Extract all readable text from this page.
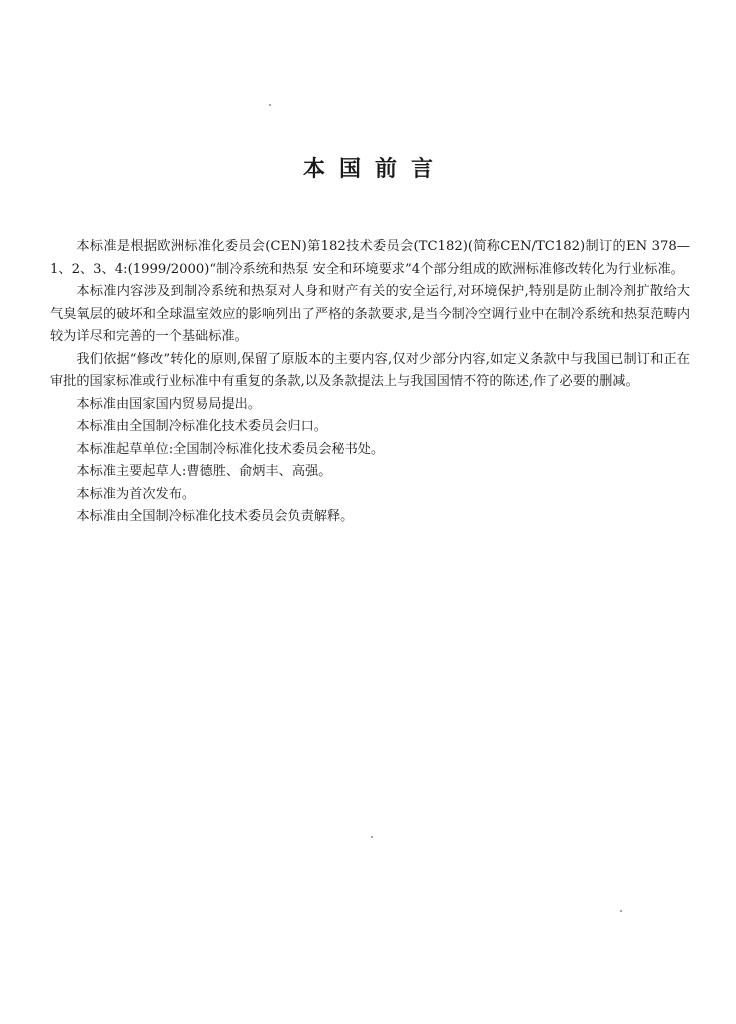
本国前言

本标准是根据欧洲标准化委员会(CEN)第182技术委员会(TC182)(简称CEN/TC182)制订的EN 378—1、2、3、4:(1999/2000)“制冷系统和热泵 安全和环境要求”4个部分组成的欧洲标准修改转化为行业标准。

本标准内容涉及到制冷系统和热泵对人身和财产有关的安全运行,对环境保护,特别是防止制冷剂扩散给大气臭氧层的破坏和全球温室效应的影响列出了严格的条款要求,是当今制冷空调行业中在制冷系统和热泵范畴内较为详尽和完善的一个基础标准。

我们依据“修改”转化的原则,保留了原版本的主要内容,仅对少部分内容,如定义条款中与我国已制订和正在审批的国家标准或行业标准中有重复的条款,以及条款提法上与我国国情不符的陈述,作了必要的删减。

本标准由国家国内贸易局提出。

本标准由全国制冷标准化技术委员会归口。

本标准起草单位:全国制冷标准化技术委员会秘书处。

本标准主要起草人:曹德胜、俞炳丰、高强。

本标准为首次发布。

本标准由全国制冷标准化技术委员会负责解释。
